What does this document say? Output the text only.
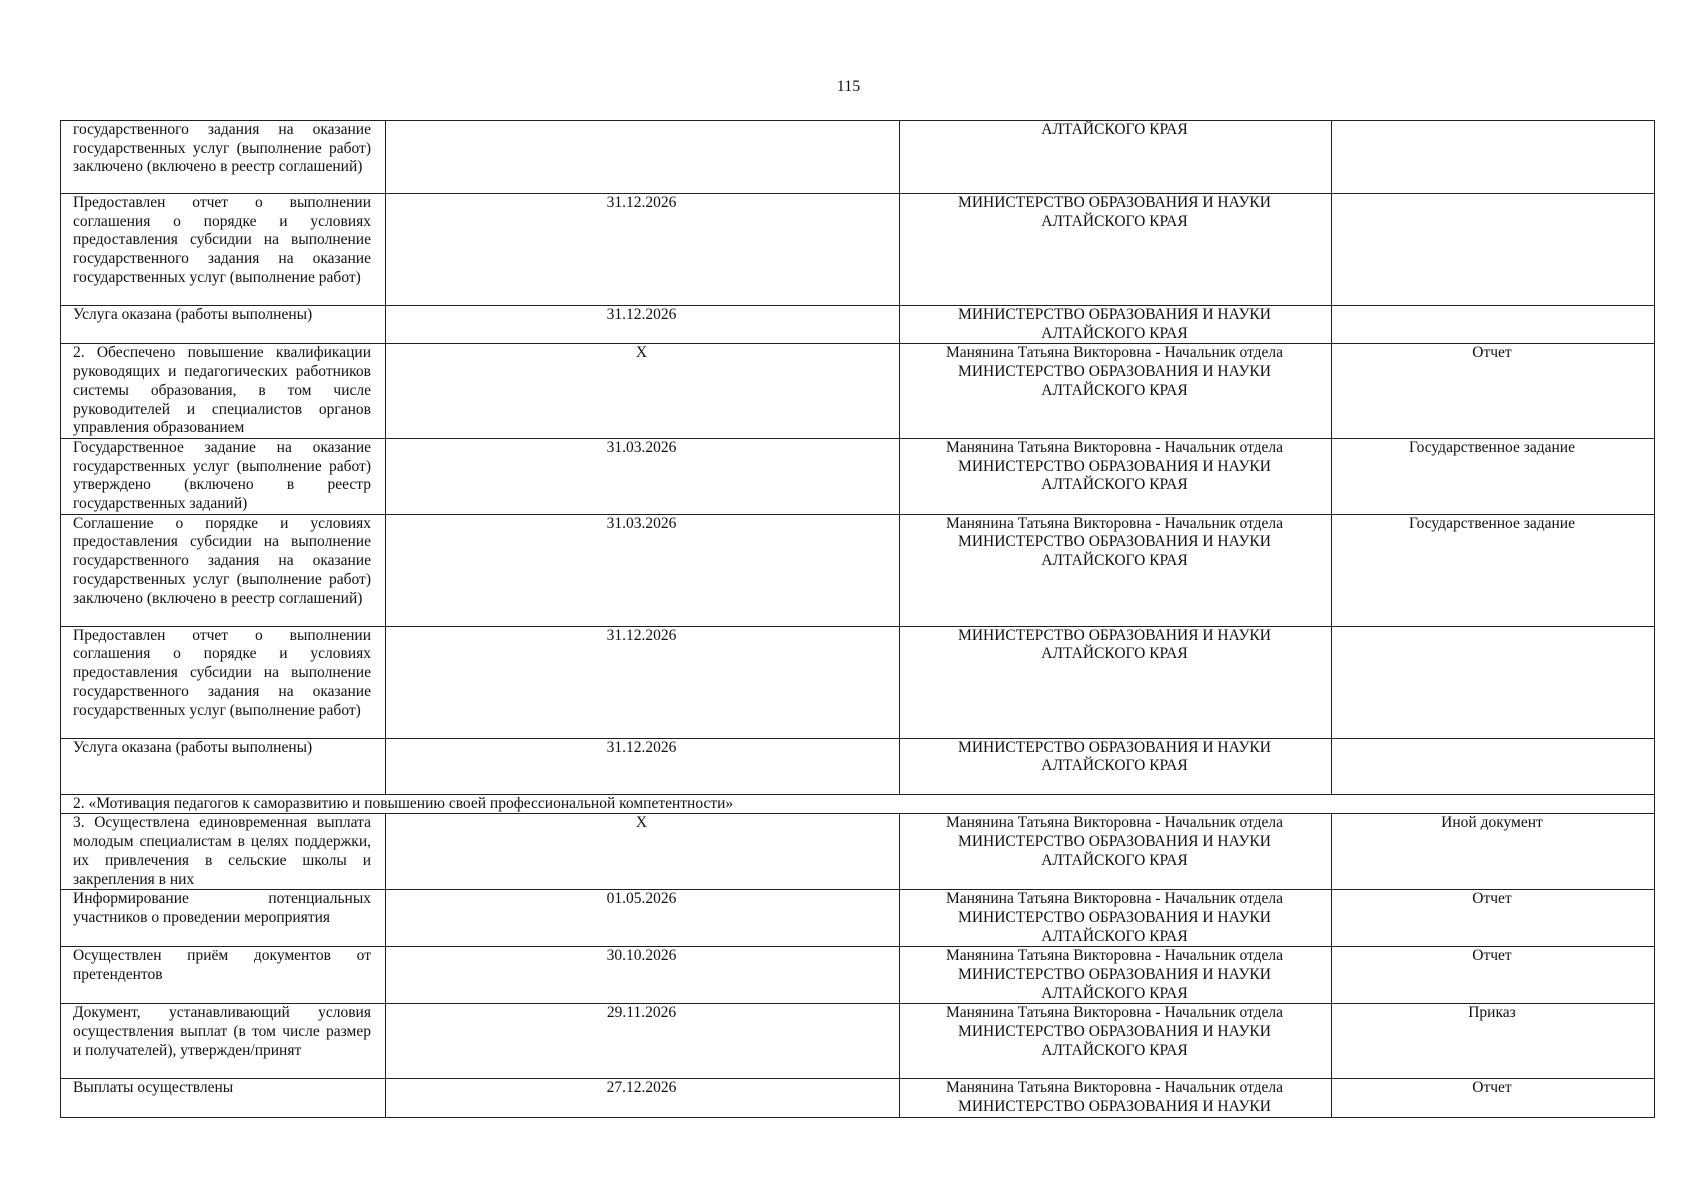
115
государственного задания на оказание государственных услуг (выполнение работ) заключено (включено в реестр соглашений)		АЛТАЙСКОГО КРАЯ	
Предоставлен отчет о выполнении соглашения о порядке и условиях предоставления субсидии на выполнение государственного задания на оказание государственных услуг (выполнение работ)	31.12.2026	МИНИСТЕРСТВО ОБРАЗОВАНИЯ И НАУКИ АЛТАЙСКОГО КРАЯ	
Услуга оказана (работы выполнены)	31.12.2026	МИНИСТЕРСТВО ОБРАЗОВАНИЯ И НАУКИ АЛТАЙСКОГО КРАЯ	
2. Обеспечено повышение квалификации руководящих и педагогических работников системы образования, в том числе руководителей и специалистов органов управления образованием	X	Манянина Татьяна Викторовна - Начальник отдела МИНИСТЕРСТВО ОБРАЗОВАНИЯ И НАУКИ АЛТАЙСКОГО КРАЯ	Отчет
Государственное задание на оказание государственных услуг (выполнение работ) утверждено (включено в реестр государственных заданий)	31.03.2026	Манянина Татьяна Викторовна - Начальник отдела МИНИСТЕРСТВО ОБРАЗОВАНИЯ И НАУКИ АЛТАЙСКОГО КРАЯ	Государственное задание
Соглашение о порядке и условиях предоставления субсидии на выполнение государственного задания на оказание государственных услуг (выполнение работ) заключено (включено в реестр соглашений)	31.03.2026	Манянина Татьяна Викторовна - Начальник отдела МИНИСТЕРСТВО ОБРАЗОВАНИЯ И НАУКИ АЛТАЙСКОГО КРАЯ	Государственное задание
Предоставлен отчет о выполнении соглашения о порядке и условиях предоставления субсидии на выполнение государственного задания на оказание государственных услуг (выполнение работ)	31.12.2026	МИНИСТЕРСТВО ОБРАЗОВАНИЯ И НАУКИ АЛТАЙСКОГО КРАЯ	
Услуга оказана (работы выполнены)	31.12.2026	МИНИСТЕРСТВО ОБРАЗОВАНИЯ И НАУКИ АЛТАЙСКОГО КРАЯ	
2. «Мотивация педагогов к саморазвитию и повышению своей профессиональной компетентности»			
3. Осуществлена единовременная выплата молодым специалистам в целях поддержки, их привлечения в сельские школы и закрепления в них	X	Манянина Татьяна Викторовна - Начальник отдела МИНИСТЕРСТВО ОБРАЗОВАНИЯ И НАУКИ АЛТАЙСКОГО КРАЯ	Иной документ
Информирование потенциальных участников о проведении мероприятия	01.05.2026	Манянина Татьяна Викторовна - Начальник отдела МИНИСТЕРСТВО ОБРАЗОВАНИЯ И НАУКИ АЛТАЙСКОГО КРАЯ	Отчет
Осуществлен приём документов от претендентов	30.10.2026	Манянина Татьяна Викторовна - Начальник отдела МИНИСТЕРСТВО ОБРАЗОВАНИЯ И НАУКИ АЛТАЙСКОГО КРАЯ	Отчет
Документ, устанавливающий условия осуществления выплат (в том числе размер и получателей), утвержден/принят	29.11.2026	Манянина Татьяна Викторовна - Начальник отдела МИНИСТЕРСТВО ОБРАЗОВАНИЯ И НАУКИ АЛТАЙСКОГО КРАЯ	Приказ
Выплаты осуществлены	27.12.2026	Манянина Татьяна Викторовна - Начальник отдела МИНИСТЕРСТВО ОБРАЗОВАНИЯ И НАУКИ	Отчет
